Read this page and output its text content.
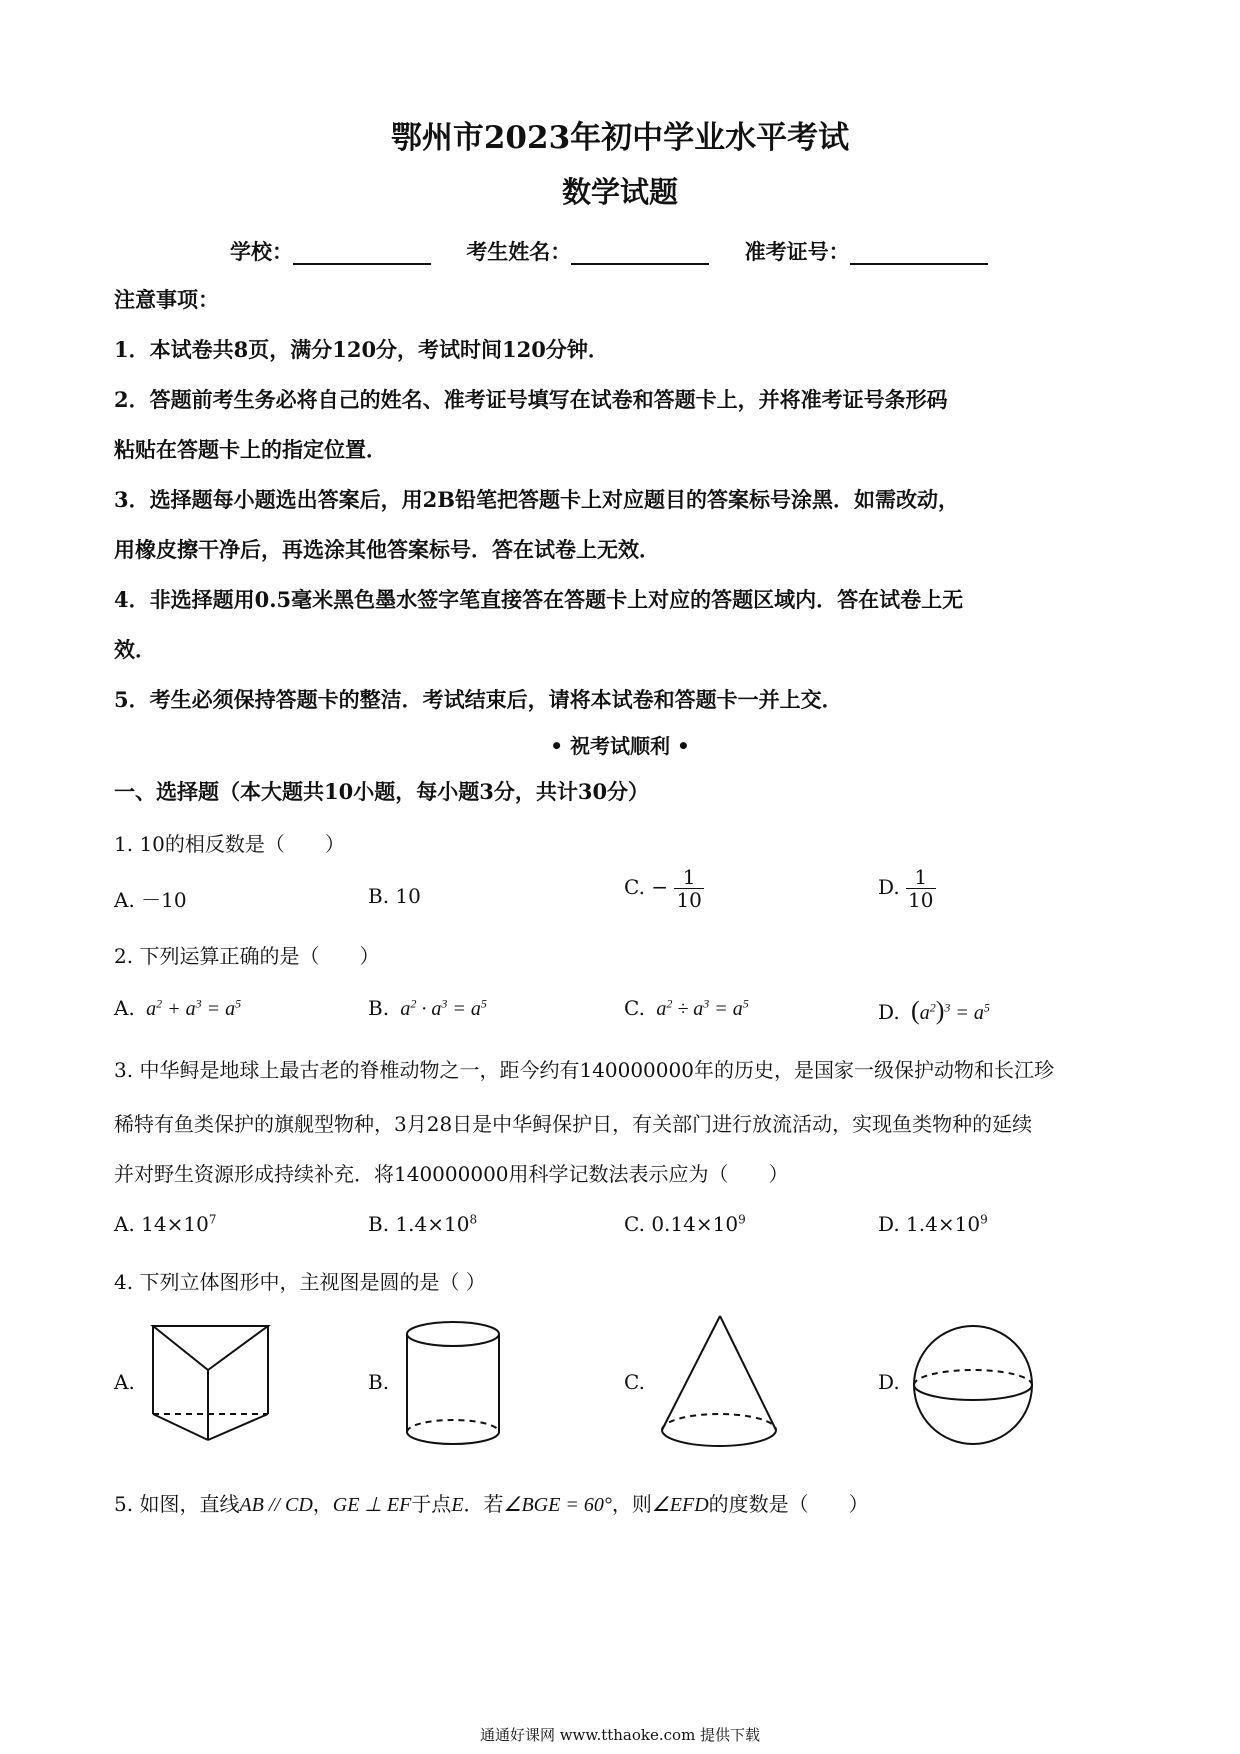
鄂州市2023年初中学业水平考试
数学试题
学校：	考生姓名：	准考证号：
注意事项：
1．本试卷共8页，满分120分，考试时间120分钟．
2．答题前考生务必将自己的姓名、准考证号填写在试卷和答题卡上，并将准考证号条形码
粘贴在答题卡上的指定位置．
3．选择题每小题选出答案后，用2B铅笔把答题卡上对应题目的答案标号涂黑．如需改动，
用橡皮擦干净后，再选涂其他答案标号．答在试卷上无效．
4．非选择题用0.5毫米黑色墨水签字笔直接答在答题卡上对应的答题区域内．答在试卷上无
效．
5．考生必须保持答题卡的整洁．考试结束后，请将本试卷和答题卡一并上交．
• 祝考试顺利 •
一、选择题（本大题共10小题，每小题3分，共计30分）
1. 10的相反数是（　　）
A. －10	B. 10	C. − $\frac{1}{10}$	D. $\frac{1}{10}$
2. 下列运算正确的是（　　）
A.  $a^2 + a^3 = a^5$	B.  $a^2 \cdot a^3 = a^5$	C.  $a^2 \div a^3 = a^5$	D. $(a^2)^3 = a^5$
3. 中华鲟是地球上最古老的脊椎动物之一，距今约有140000000年的历史，是国家一级保护动物和长江珍
稀特有鱼类保护的旗舰型物种，3月28日是中华鲟保护日，有关部门进行放流活动，实现鱼类物种的延续
并对野生资源形成持续补充．将140000000用科学记数法表示应为（　　）
A. $14\times 10^7$	B. $1.4\times 10^8$	C. $0.14\times 10^9$	D. $1.4\times 10^9$
4. 下列立体图形中，主视图是圆的是（ ）
A.	B.	C.	D.
5. 如图，直线AB // CD，GE ⊥ EF于点E．若∠BGE = 60°，则∠EFD的度数是（　　）
通通好课网 www.tthaoke.com 提供下载
